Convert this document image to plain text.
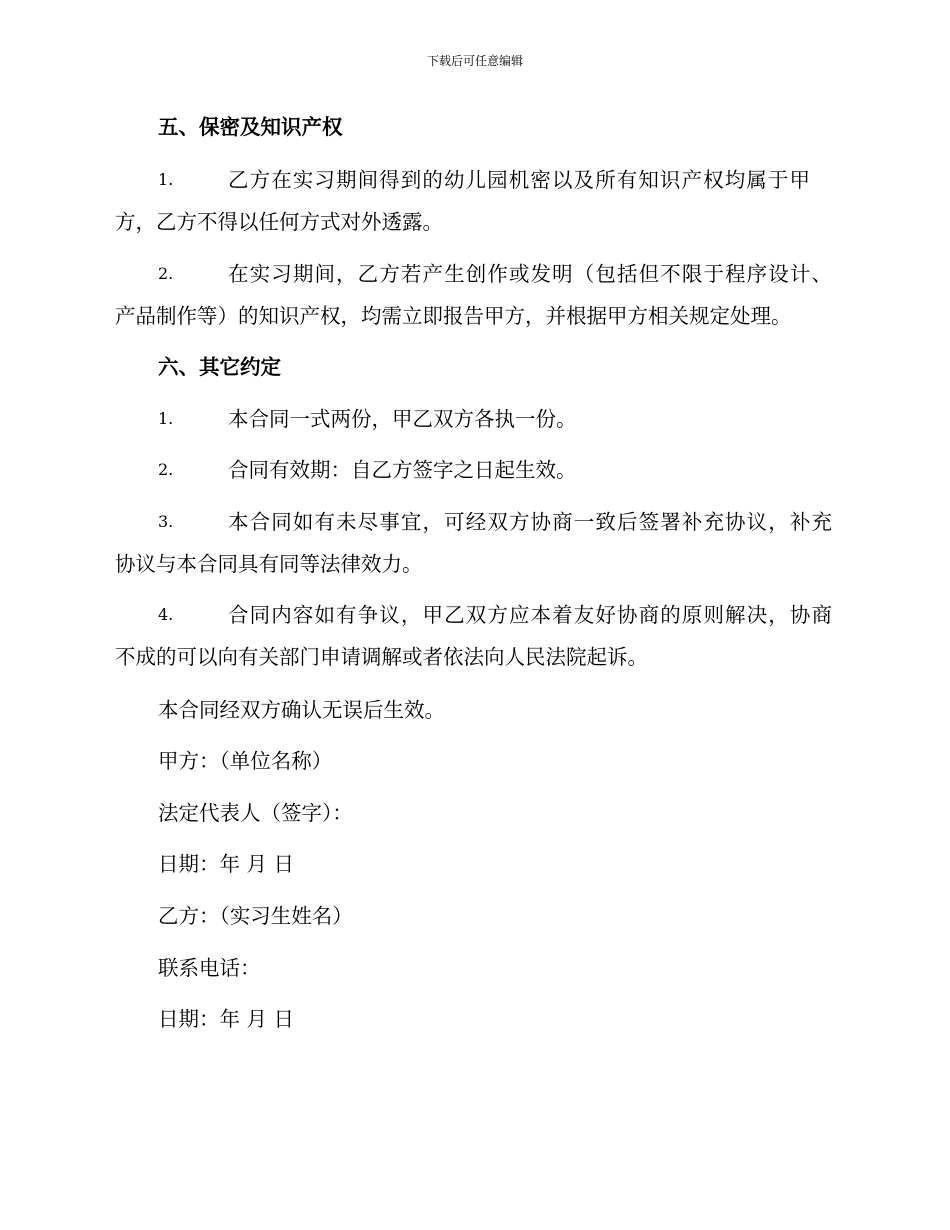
下载后可任意编辑
五、保密及知识产权
1.	乙方在实习期间得到的幼儿园机密以及所有知识产权均属于甲
方，乙方不得以任何方式对外透露。
2.	在实习期间，乙方若产生创作或发明（包括但不限于程序设计、
产品制作等）的知识产权，均需立即报告甲方，并根据甲方相关规定处理。
六、其它约定
1.	本合同一式两份，甲乙双方各执一份。
2.	合同有效期：自乙方签字之日起生效。
3.	本合同如有未尽事宜，可经双方协商一致后签署补充协议，补充
协议与本合同具有同等法律效力。
4.	合同内容如有争议，甲乙双方应本着友好协商的原则解决，协商
不成的可以向有关部门申请调解或者依法向人民法院起诉。
本合同经双方确认无误后生效。
甲方：（单位名称）
法定代表人（签字）：
日期：年 月 日
乙方：（实习生姓名）
联系电话：
日期：年 月 日
